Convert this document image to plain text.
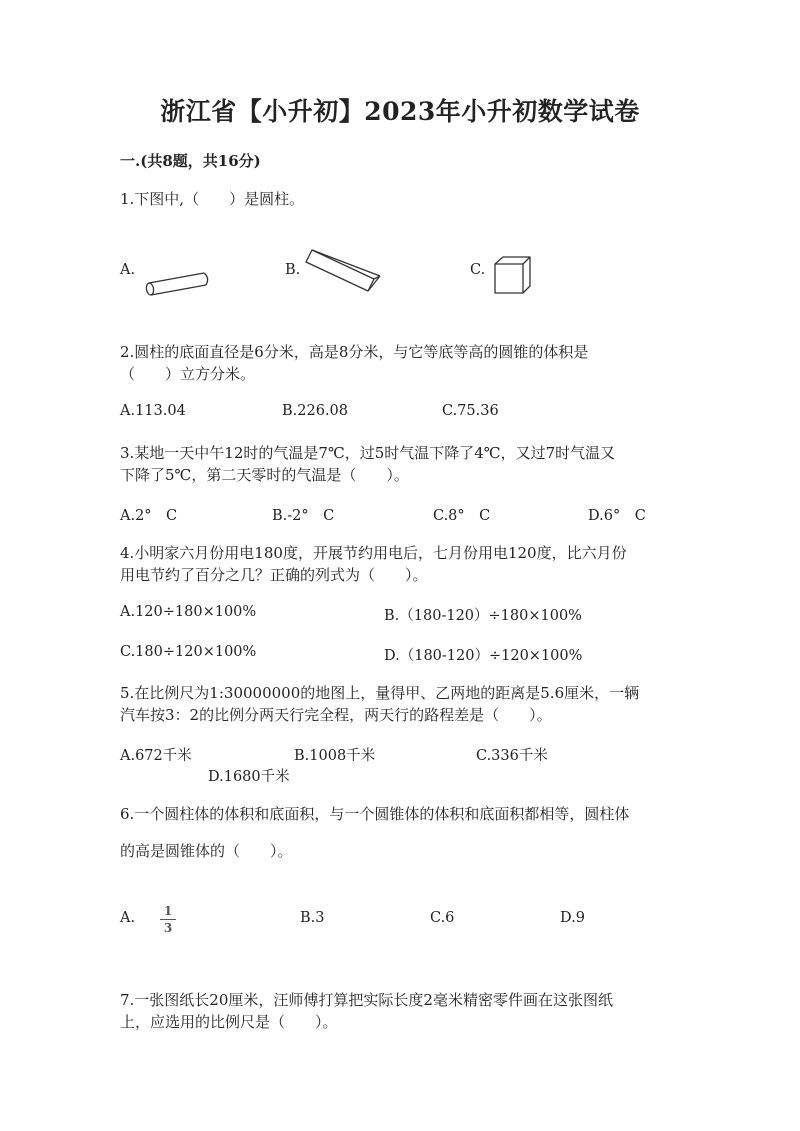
浙江省【小升初】2023年小升初数学试卷
一.(共8题，共16分)
1.下图中,（　　）是圆柱。
A.	B.	C.
2.圆柱的底面直径是6分米，高是8分米，与它等底等高的圆锥的体积是
（　　）立方分米。
A.113.04	B.226.08	C.75.36
3.某地一天中午12时的气温是7℃，过5时气温下降了4℃，又过7时气温又
下降了5℃，第二天零时的气温是（　　）。
A.2°　C	B.-2°　C	C.8°　C	D.6°　C
4.小明家六月份用电180度，开展节约用电后，七月份用电120度，比六月份
用电节约了百分之几？正确的列式为（　　）。
A.120÷180×100%	B.（180-120）÷180×100%
C.180÷120×100%	D.（180-120）÷120×100%
5.在比例尺为1:30000000的地图上，量得甲、乙两地的距离是5.6厘米，一辆
汽车按3：2的比例分两天行完全程，两天行的路程差是（　　）。
A.672千米	B.1008千米	C.336千米
D.1680千米
6.一个圆柱体的体积和底面积，与一个圆锥体的体积和底面积都相等，圆柱体
的高是圆锥体的（　　）。
A.	1
3
B.3	C.6	D.9
7.一张图纸长20厘米，汪师傅打算把实际长度2毫米精密零件画在这张图纸
上，应选用的比例尺是（　　）。
